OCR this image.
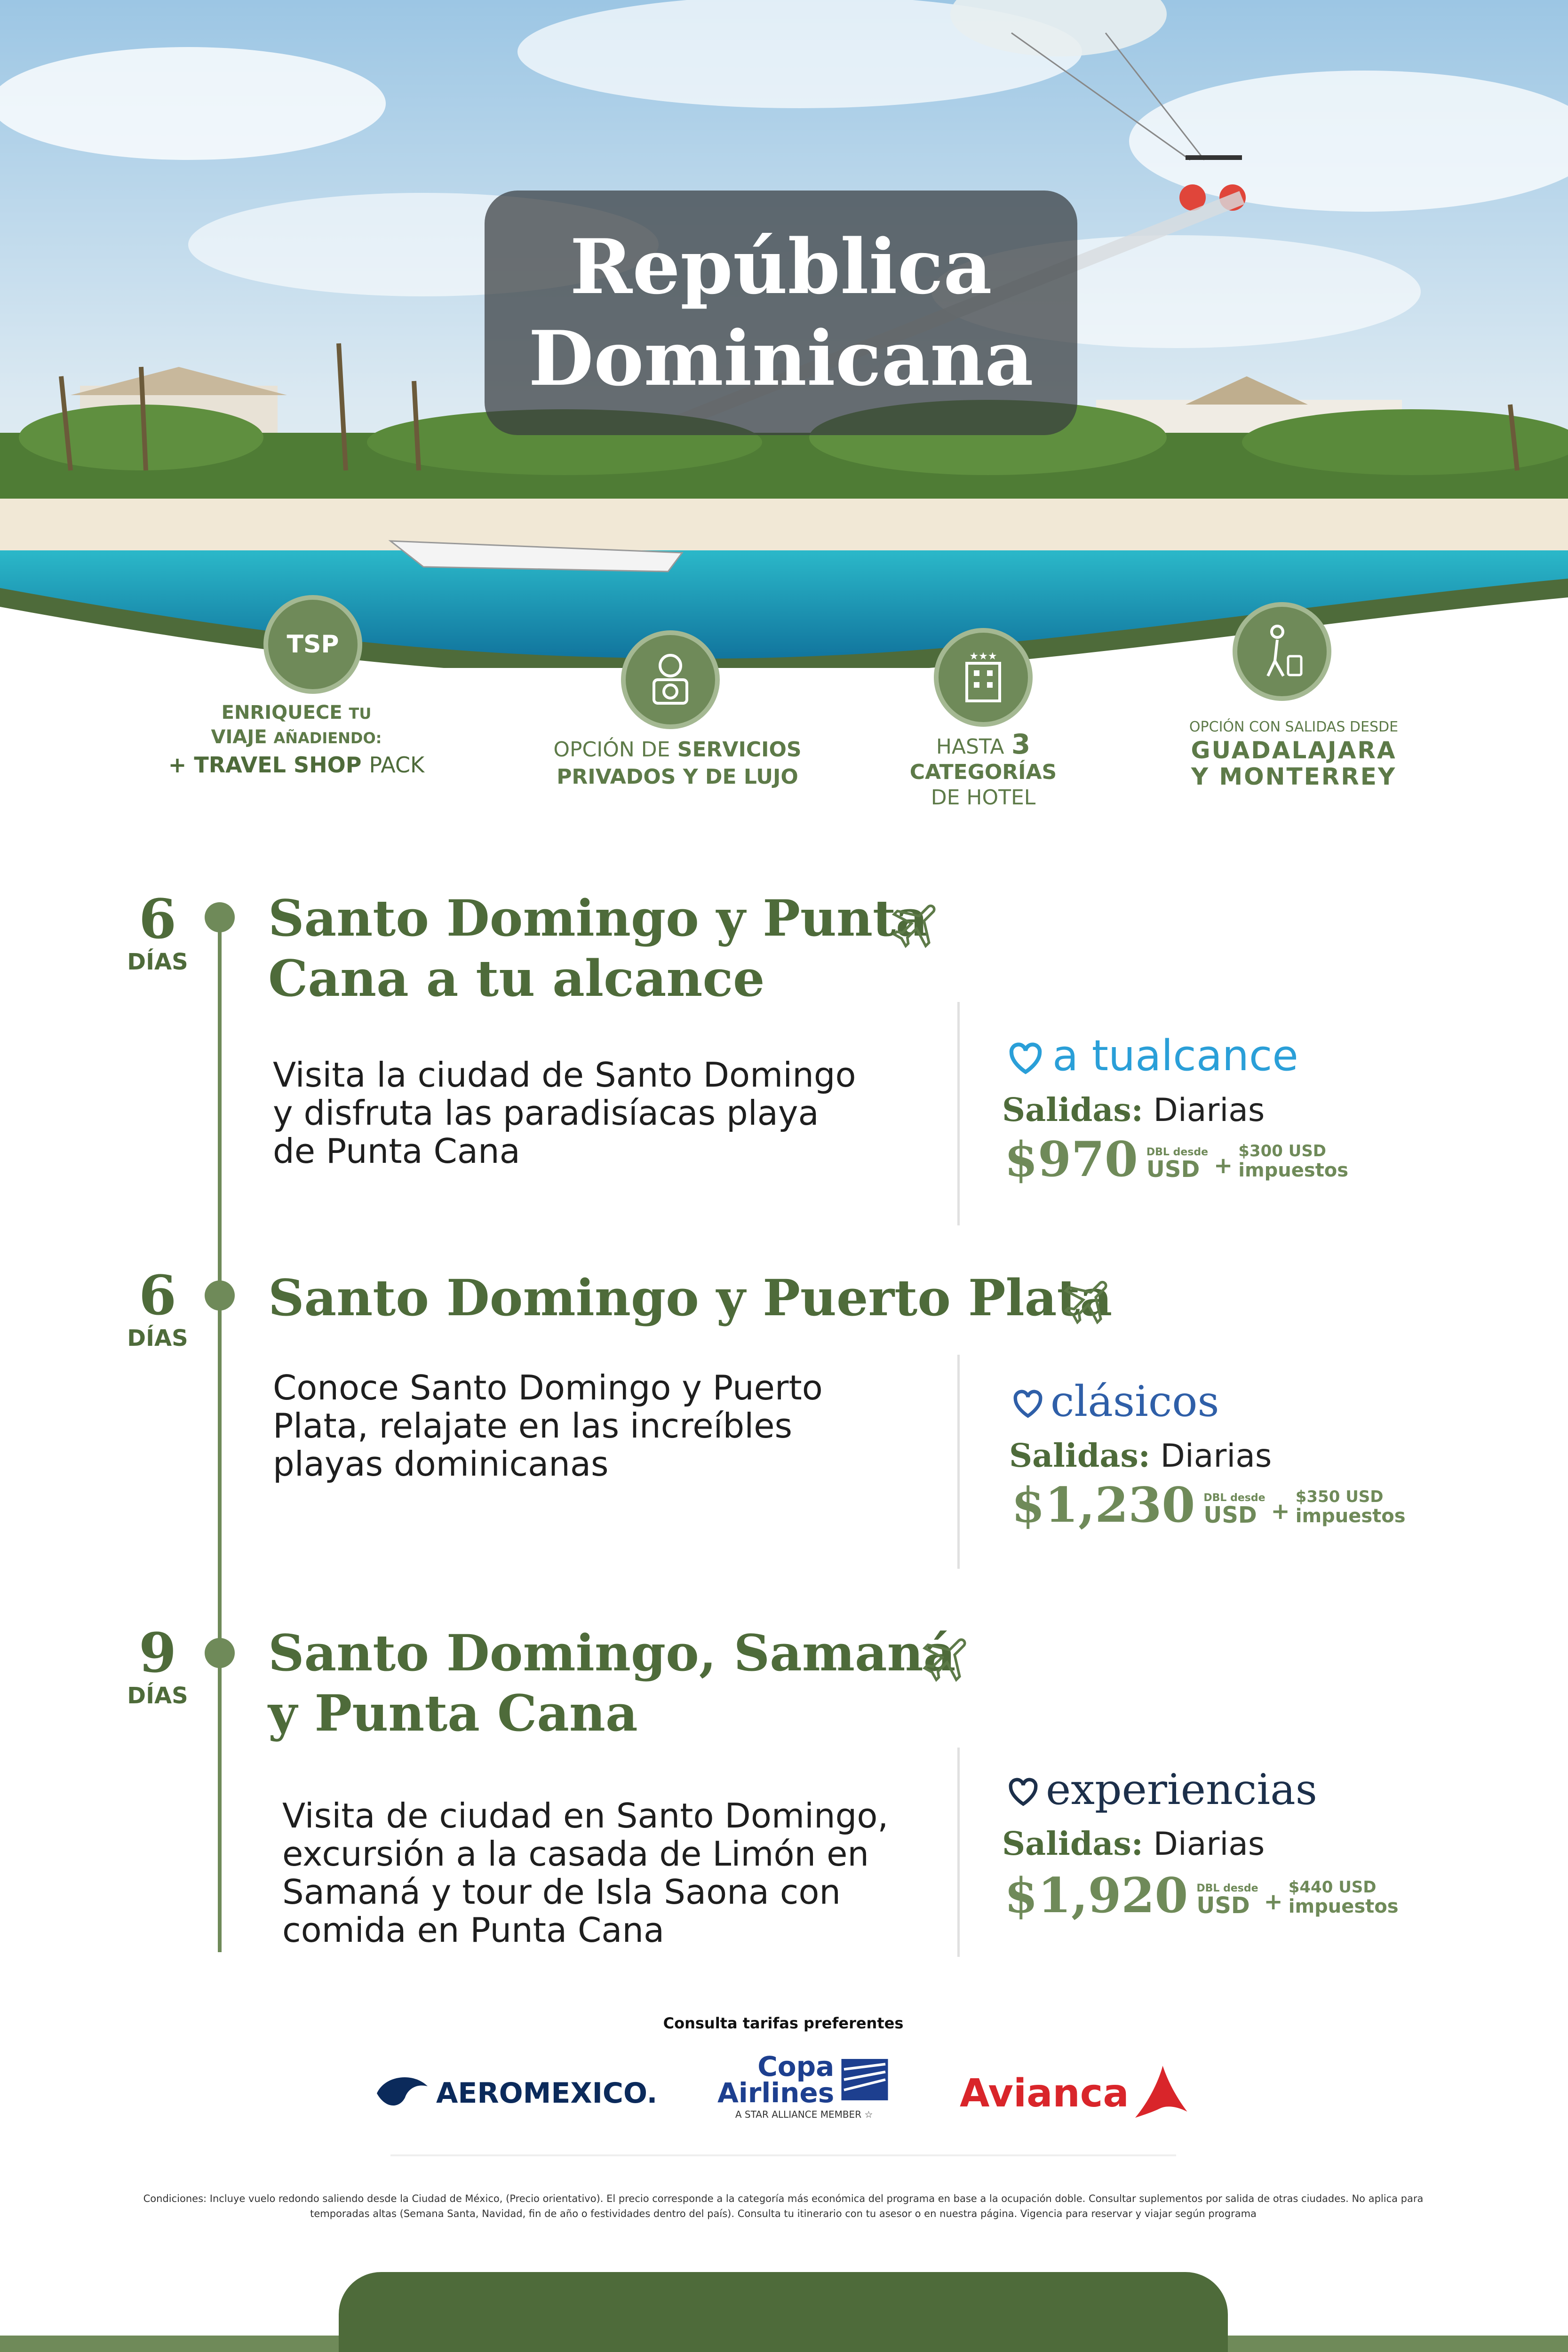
República
Dominicana
TSP
ENRIQUECE TU
VIAJE AÑADIENDO:
+ TRAVEL SHOP PACK
OPCIÓN DE SERVICIOS
PRIVADOS Y DE LUJO
★★★
HASTA 3
CATEGORÍAS
DE HOTEL
OPCIÓN CON SALIDAS DESDE
GUADALAJARA
Y MONTERREY
6
DÍAS
Santo Domingo y Punta
Cana a tu alcance
Visita la ciudad de Santo Domingo
y disfruta las paradisíacas playa
de Punta Cana
a tu alcance
Salidas: Diarias
$970 DBL desde
USD +
$300 USD
impuestos
6
DÍAS
Santo Domingo y Puerto Plata
Conoce Santo Domingo y Puerto
Plata, relajate en las increíbles
playas dominicanas
clásicos
Salidas: Diarias
$1,230 DBL desde
USD +
$350 USD
impuestos
9
DÍAS
Santo Domingo, Samaná
y Punta Cana
Visita de ciudad en Santo Domingo,
excursión a la casada de Limón en
Samaná y tour de Isla Saona con
comida en Punta Cana
experiencias
Salidas: Diarias
$1,920 DBL desde
USD +
$440 USD
impuestos
Consulta tarifas preferentes
AEROMEXICO.
Copa
Airlines
A STAR ALLIANCE MEMBER ☆	Avianca
Condiciones: Incluye vuelo redondo saliendo desde la Ciudad de México, (Precio orientativo). El precio corresponde a la categoría más económica del programa en base a la ocupación doble. Consultar suplementos por salida de otras ciudades. No aplica para temporadas altas (Semana Santa, Navidad, fin de año o festividades dentro del país). Consulta tu itinerario con tu asesor o en nuestra página. Vigencia para reservar y viajar según programa
